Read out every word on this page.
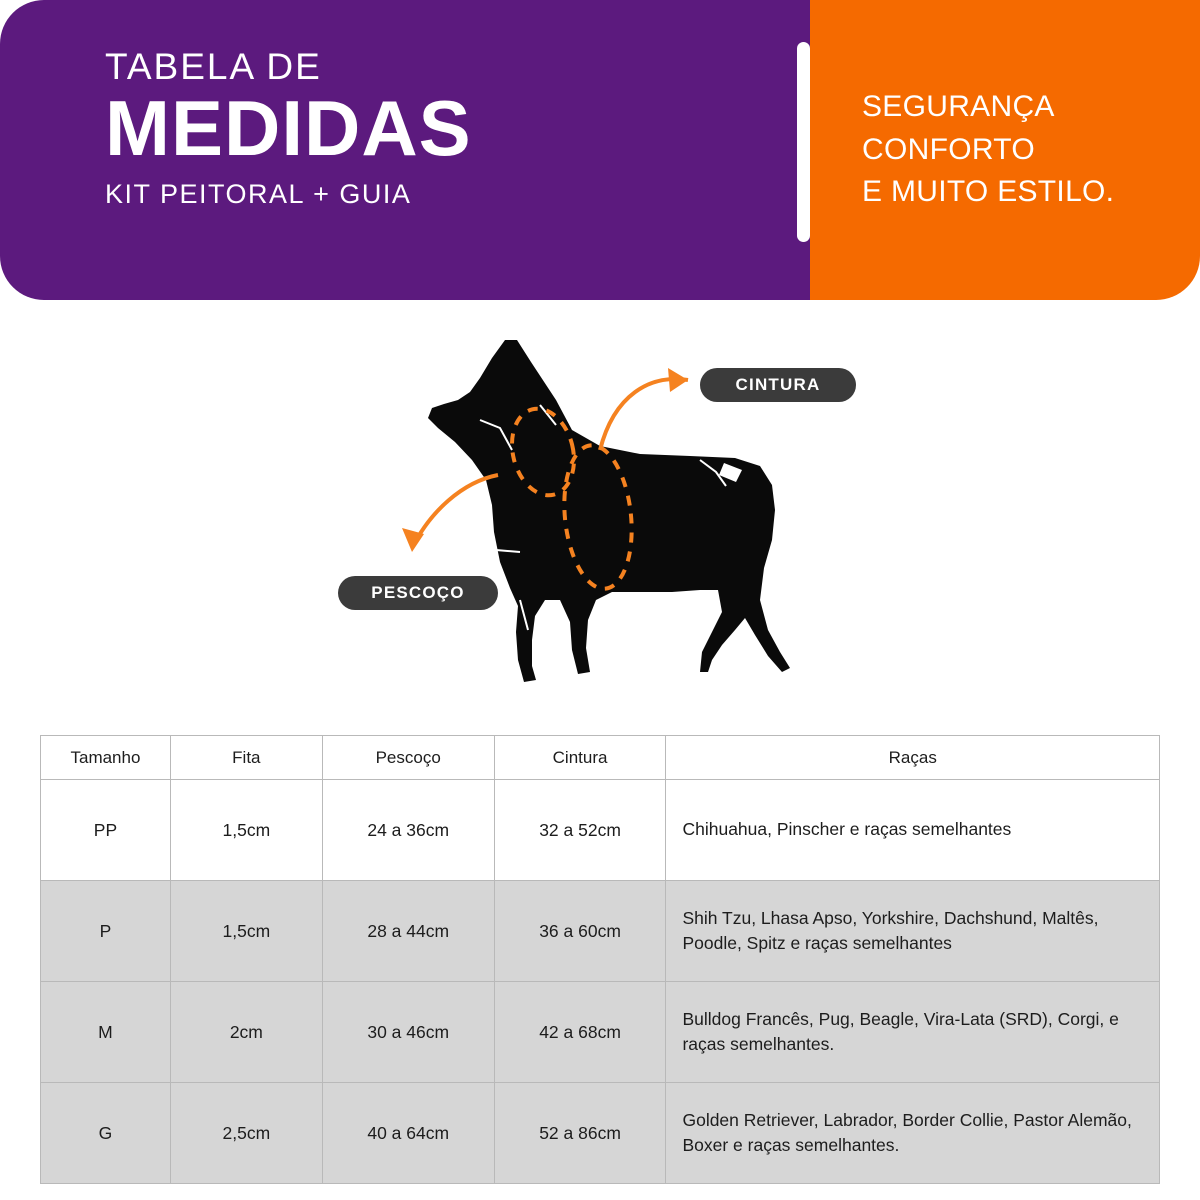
TABELA DE
MEDIDAS
KIT PEITORAL + GUIA
SEGURANÇA
CONFORTO
E MUITO ESTILO.
CINTURA
PESCOÇO
Tamanho	Fita	Pescoço	Cintura	Raças
PP	1,5cm	24 a 36cm	32 a 52cm	Chihuahua, Pinscher e raças semelhantes
P	1,5cm	28 a 44cm	36 a 60cm	Shih Tzu, Lhasa Apso, Yorkshire, Dachshund, Maltês, Poodle, Spitz e raças semelhantes
M	2cm	30 a 46cm	42 a 68cm	Bulldog Francês, Pug, Beagle, Vira-Lata (SRD), Corgi, e raças semelhantes.
G	2,5cm	40 a 64cm	52 a 86cm	Golden Retriever, Labrador, Border Collie, Pastor Alemão, Boxer e raças semelhantes.
